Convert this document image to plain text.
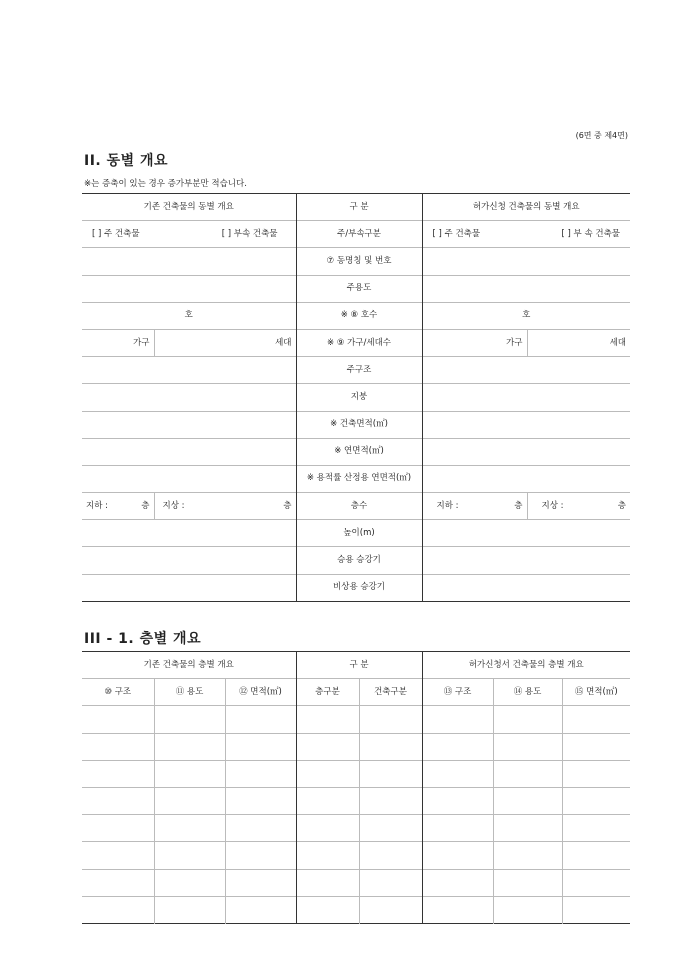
(6면 중 제4면)
II. 동별 개요
※는 증축이 있는 경우 증가부분만 적습니다.
기존 건축물의 동별 개요		구 분	허가신청 건축물의 동별 개요	

[ ] 주 건축물 [ ] 부속 건축물		주/부속구분	[ ] 주 건축물 [ ] 부 속 건축물	

		⑦ 동명칭 및 번호		
		주용도		
호		※ ⑧ 호수	호	
가구	세대	※ ⑨ 가구/세대수	가구	세대
		주구조		
		지붕		
		※ 건축면적(㎡)		
		※ 연면적(㎡)		
		※ 용적률 산정용 연면적(㎡)		

지하 : 층	지상 : 층	층수	지하 : 층	지상 : 층

		높이(m)		
		승용 승강기		
		비상용 승강기		
III - 1. 층별 개요
기존 건축물의 층별 개요			구 분		허가신청서 건축물의 층별 개요		
⑩ 구조	⑪ 용도	⑫ 면적(㎡)	층구분	건축구분	⑬ 구조	⑭ 용도	⑮ 면적(㎡)
